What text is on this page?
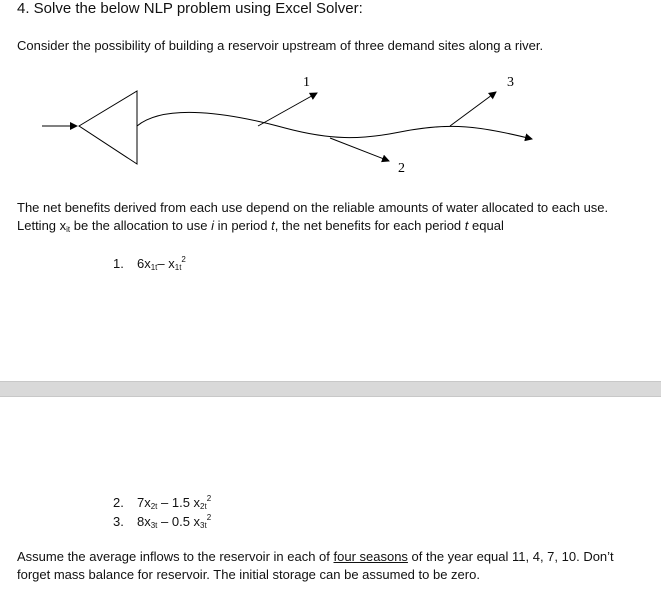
4. Solve the below NLP problem using Excel Solver:
Consider the possibility of building a reservoir upstream of three demand sites along a river.
1
2
3
The net benefits derived from each use depend on the reliable amounts of water allocated to each use.
Letting $x_{it}$ be the allocation to use i in period t, the net benefits for each period t equal
1. $6x_{1t}-$ $x_{1t}^2$
2. $7x_{2t} - 1.5$ $x_{2t}^2$
3. $8x_{3t} - 0.5$ $x_{3t}^2$
Assume the average inflows to the reservoir in each of four seasons of the year equal 11, 4, 7, 10. Don’t
forget mass balance for reservoir. The initial storage can be assumed to be zero.
